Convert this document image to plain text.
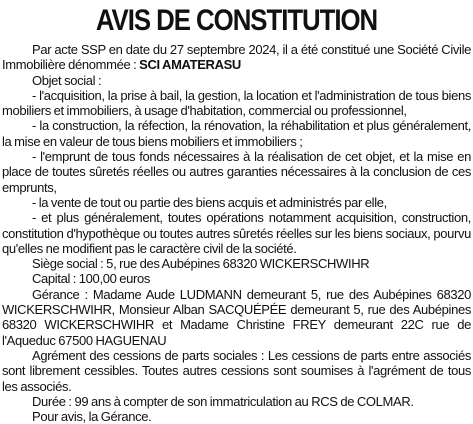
AVIS DE CONSTITUTION

Par acte SSP en date du 27 septembre 2024, il a été constitué une Société Civile Immobilière dénommée : SCI AMATERASU

Objet social :

- l'acquisition, la prise à bail, la gestion, la location et l'administration de tous biens mobiliers et immobiliers, à usage d'habitation, commercial ou professionnel,

- la construction, la réfection, la rénovation, la réhabilitation et plus généralement, la mise en valeur de tous biens mobiliers et immobiliers ;

- l'emprunt de tous fonds nécessaires à la réalisation de cet objet, et la mise en place de toutes sûretés réelles ou autres garanties nécessaires à la conclusion de ces emprunts,

- la vente de tout ou partie des biens acquis et administrés par elle,

- et plus généralement, toutes opérations notamment acquisition, construction, constitution d'hypothèque ou toutes autres sûretés réelles sur les biens sociaux, pourvu qu'elles ne modifient pas le caractère civil de la société.

Siège social : 5, rue des Aubépines 68320 WICKERSCHWIHR

Capital : 100,00 euros

Gérance : Madame Aude LUDMANN demeurant 5, rue des Aubépines 68320 WICKERSCHWIHR, Monsieur Alban SACQUÉPÉE demeurant 5, rue des Aubépines 68320 WICKERSCHWIHR et Madame Christine FREY demeurant 22C rue de l'Aqueduc 67500 HAGUENAU

Agrément des cessions de parts sociales : Les cessions de parts entre associés sont librement cessibles. Toutes autres cessions sont soumises à l'agrément de tous les associés.

Durée : 99 ans à compter de son immatriculation au RCS de COLMAR.

Pour avis, la Gérance.
